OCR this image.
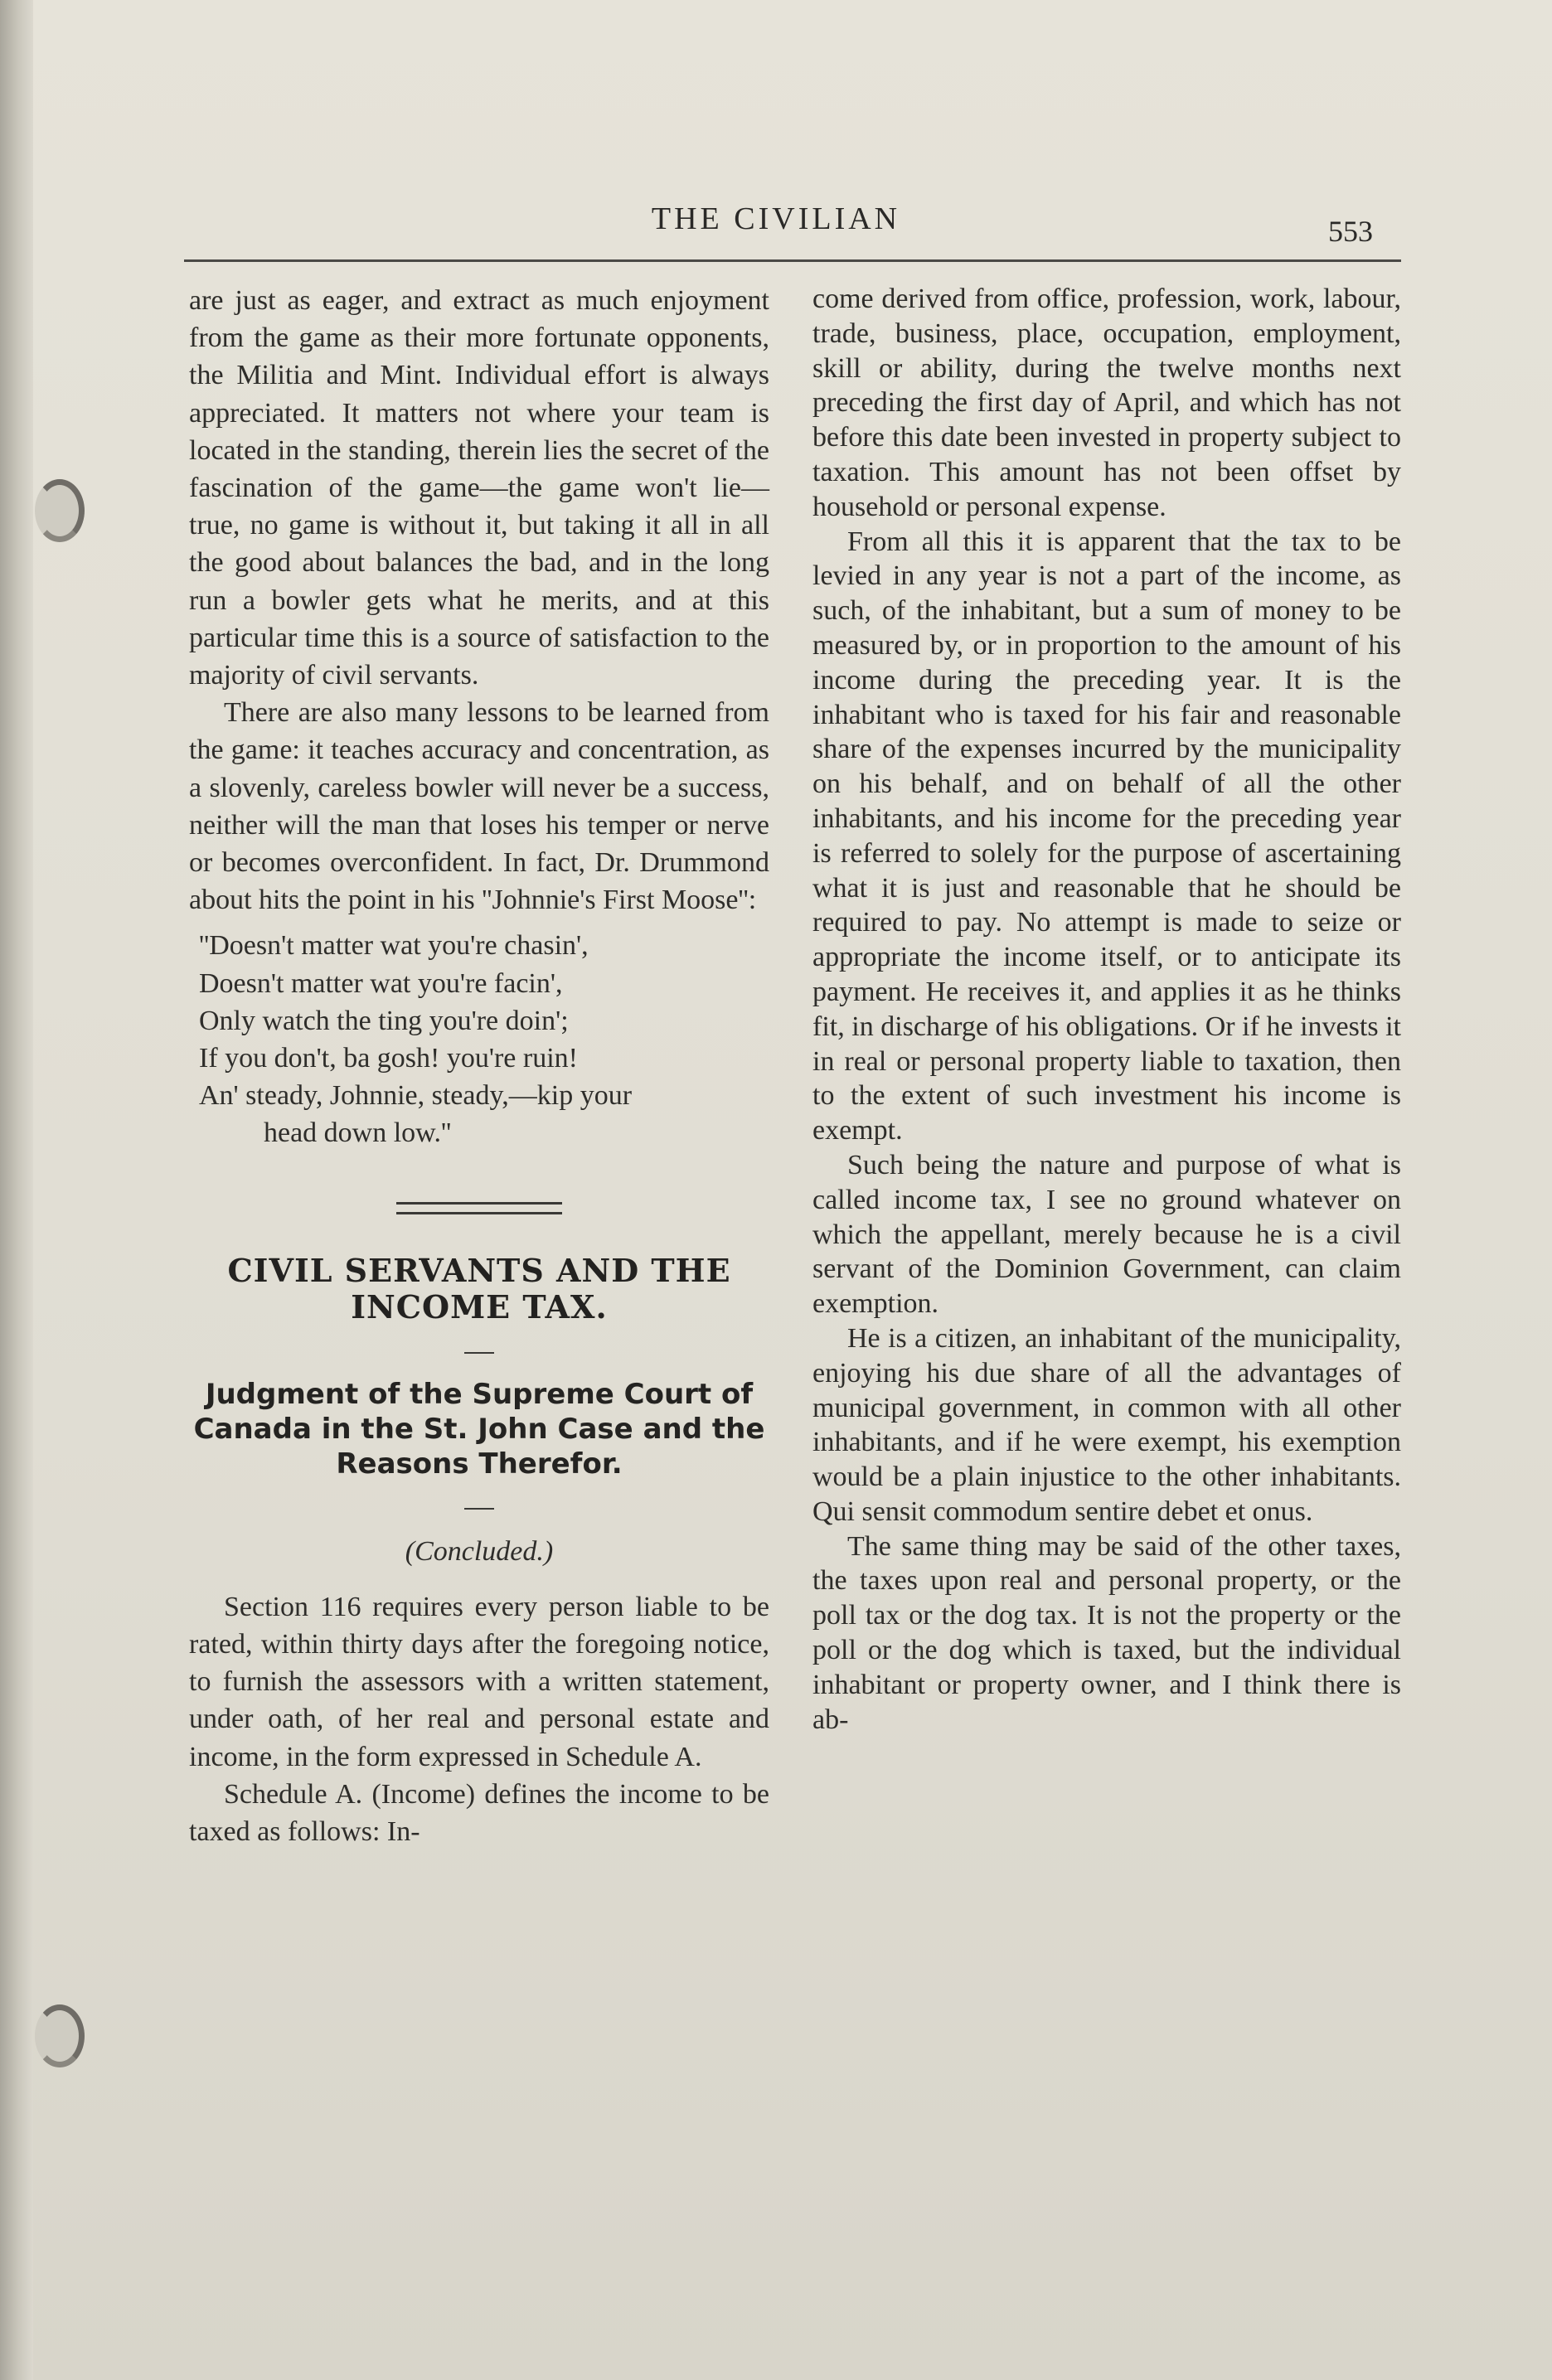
THE CIVILIAN	553

are just as eager, and extract as much enjoyment from the game as their more fortunate opponents, the Militia and Mint. Individual effort is always appreciated. It matters not where your team is located in the standing, therein lies the secret of the fascination of the game—the game won't lie— true, no game is without it, but taking it all in all the good about balances the bad, and in the long run a bowler gets what he merits, and at this particular time this is a source of satisfaction to the majority of civil servants.

There are also many lessons to be learned from the game: it teaches accuracy and concentration, as a slovenly, careless bowler will never be a success, neither will the man that loses his temper or nerve or becomes overconfident. In fact, Dr. Drummond about hits the point in his ''Johnnie's First Moose'':

''Doesn't matter wat you're chasin',
Doesn't matter wat you're facin',
Only watch the ting you're doin';
If you don't, ba gosh! you're ruin!
An' steady, Johnnie, steady,—kip your
head down low.''
CIVIL SERVANTS AND THE INCOME TAX.
Judgment of the Supreme Court of Canada in the St. John Case and the Reasons Therefor.
(Concluded.)

Section 116 requires every person liable to be rated, within thirty days after the foregoing notice, to furnish the assessors with a written statement, under oath, of her real and personal estate and income, in the form expressed in Schedule A.

Schedule A. (Income) defines the income to be taxed as follows: In-

come derived from office, profession, work, labour, trade, business, place, occupation, employment, skill or ability, during the twelve months next preceding the first day of April, and which has not before this date been invested in property subject to taxation. This amount has not been offset by household or personal expense.

From all this it is apparent that the tax to be levied in any year is not a part of the income, as such, of the inhabitant, but a sum of money to be measured by, or in proportion to the amount of his income during the preceding year. It is the inhabitant who is taxed for his fair and reasonable share of the expenses incurred by the municipality on his behalf, and on behalf of all the other inhabitants, and his income for the preceding year is referred to solely for the purpose of ascertaining what it is just and reasonable that he should be required to pay. No attempt is made to seize or appropriate the income itself, or to anticipate its payment. He receives it, and applies it as he thinks fit, in discharge of his obligations. Or if he invests it in real or personal property liable to taxation, then to the extent of such investment his income is exempt.

Such being the nature and purpose of what is called income tax, I see no ground whatever on which the appellant, merely because he is a civil servant of the Dominion Government, can claim exemption.

He is a citizen, an inhabitant of the municipality, enjoying his due share of all the advantages of municipal government, in common with all other inhabitants, and if he were exempt, his exemption would be a plain injustice to the other inhabitants. Qui sensit commodum sentire debet et onus.

The same thing may be said of the other taxes, the taxes upon real and personal property, or the poll tax or the dog tax. It is not the property or the poll or the dog which is taxed, but the individual inhabitant or property owner, and I think there is ab-
